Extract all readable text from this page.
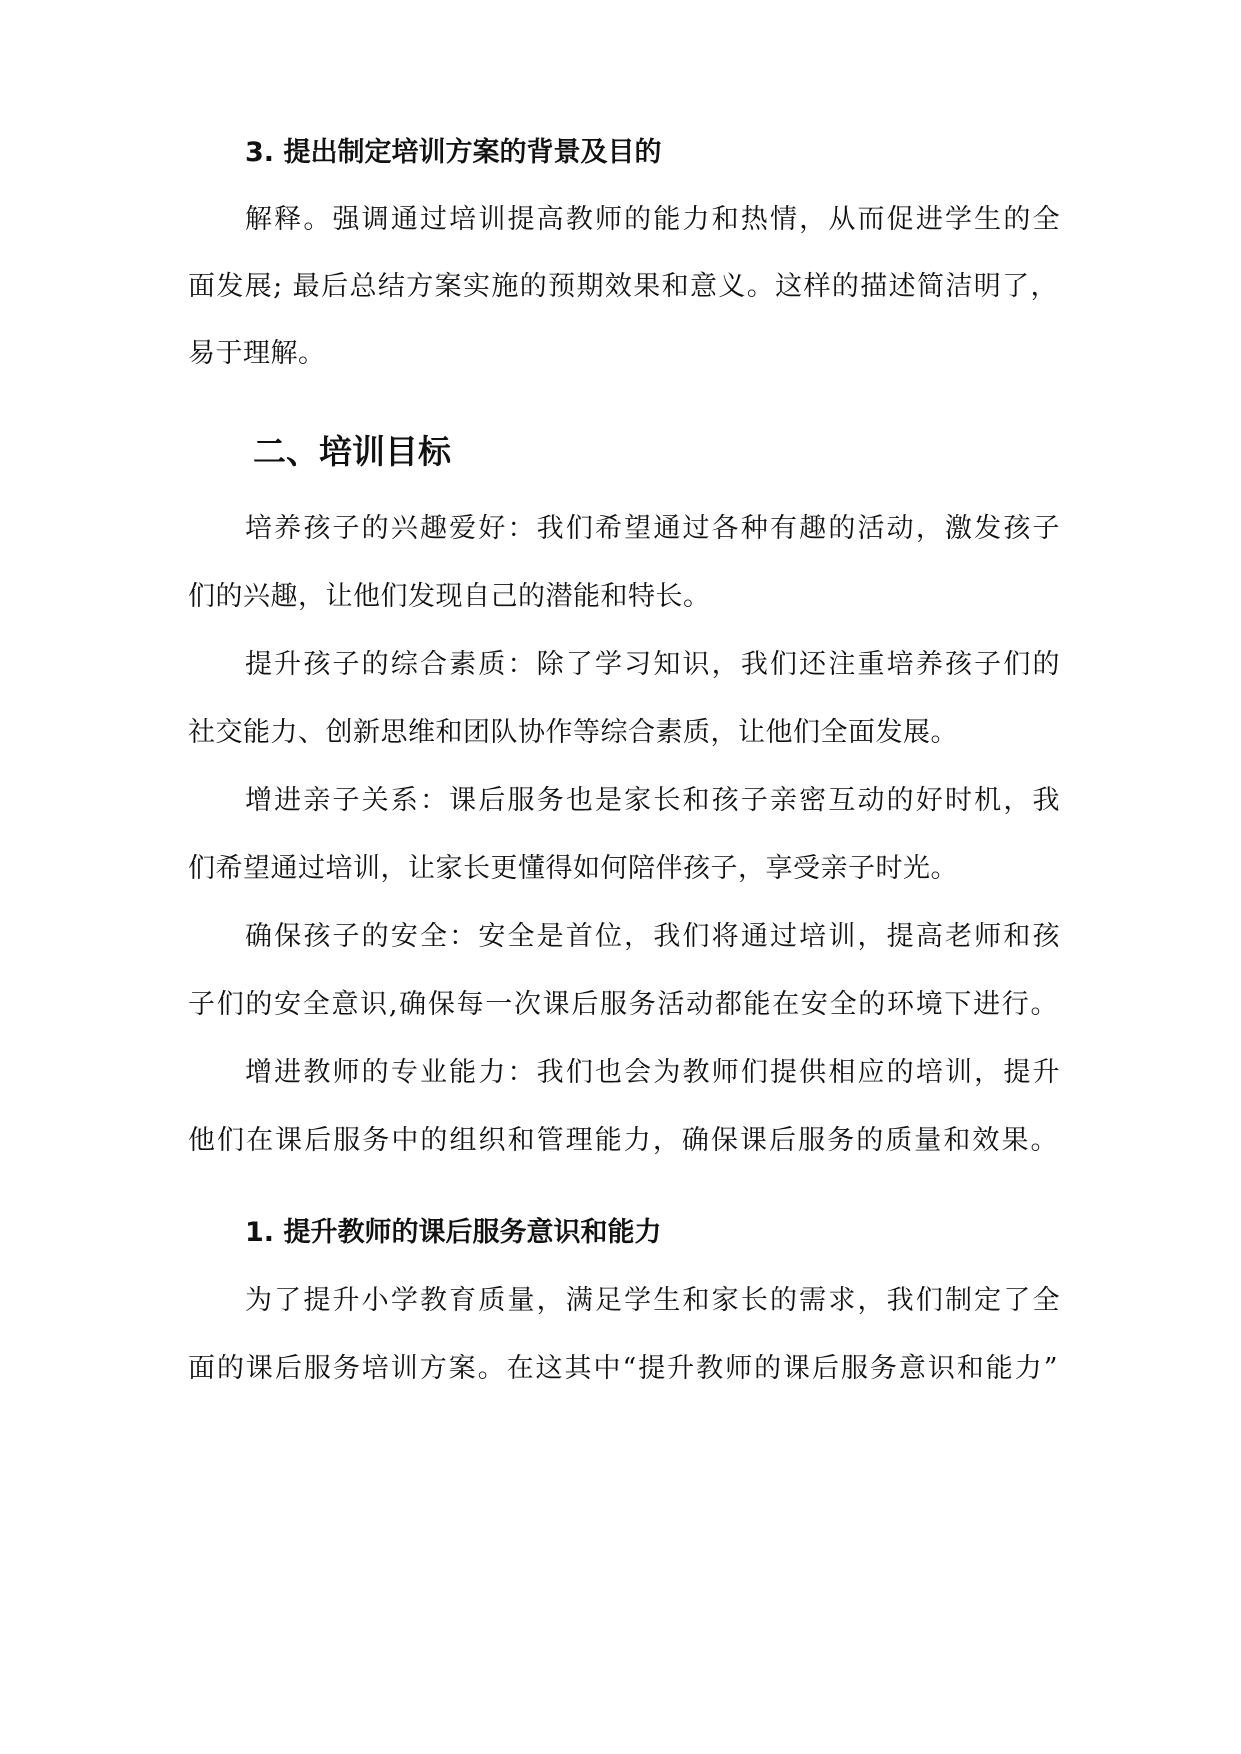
3. 提出制定培训方案的背景及目的
解释。强调通过培训提高教师的能力和热情，从而促进学生的全
面发展; 最后总结方案实施的预期效果和意义。这样的描述简洁明了，
易于理解。
二、培训目标
培养孩子的兴趣爱好：我们希望通过各种有趣的活动，激发孩子
们的兴趣，让他们发现自己的潜能和特长。
提升孩子的综合素质：除了学习知识，我们还注重培养孩子们的
社交能力、创新思维和团队协作等综合素质，让他们全面发展。
增进亲子关系：课后服务也是家长和孩子亲密互动的好时机，我
们希望通过培训，让家长更懂得如何陪伴孩子，享受亲子时光。
确保孩子的安全：安全是首位，我们将通过培训，提高老师和孩
子们的安全意识,确保每一次课后服务活动都能在安全的环境下进行。
增进教师的专业能力：我们也会为教师们提供相应的培训，提升
他们在课后服务中的组织和管理能力，确保课后服务的质量和效果。
1. 提升教师的课后服务意识和能力
为了提升小学教育质量，满足学生和家长的需求，我们制定了全
面的课后服务培训方案。在这其中“提升教师的课后服务意识和能力”
